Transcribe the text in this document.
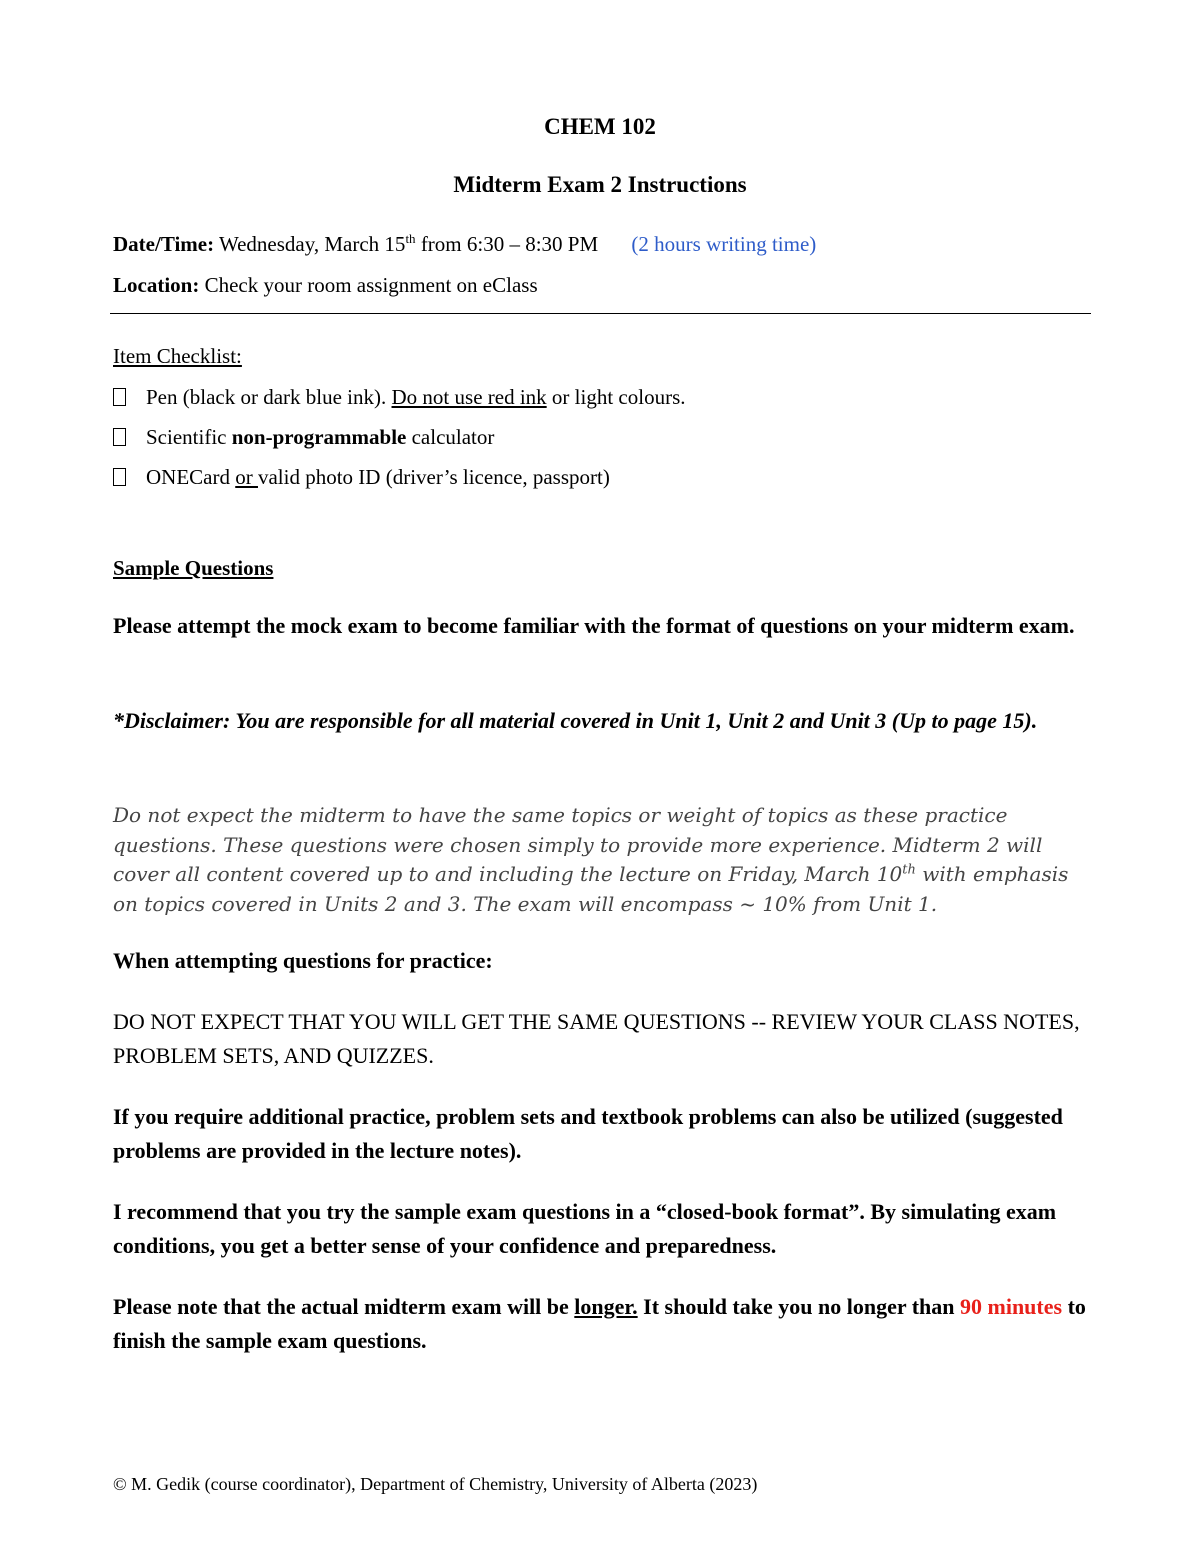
CHEM 102
Midterm Exam 2 Instructions
Date/Time: Wednesday, March 15th from 6:30 – 8:30 PM (2 hours writing time)
Location: Check your room assignment on eClass
Item Checklist:
Pen (black or dark blue ink). Do not use red ink or light colours.
Scientific non-programmable calculator
ONECard or valid photo ID (driver’s licence, passport)
Sample Questions
Please attempt the mock exam to become familiar with the format of questions on your midterm exam.
*Disclaimer: You are responsible for all material covered in Unit 1, Unit 2 and Unit 3 (Up to page 15).
Do not expect the midterm to have the same topics or weight of topics as these practice questions. These questions were chosen simply to provide more experience. Midterm 2 will cover all content covered up to and including the lecture on Friday, March 10th with emphasis on topics covered in Units 2 and 3. The exam will encompass ~ 10% from Unit 1.
When attempting questions for practice:
DO NOT EXPECT THAT YOU WILL GET THE SAME QUESTIONS -- REVIEW YOUR CLASS NOTES, PROBLEM SETS, AND QUIZZES.
If you require additional practice, problem sets and textbook problems can also be utilized (suggested problems are provided in the lecture notes).
I recommend that you try the sample exam questions in a “closed-book format”. By simulating exam conditions, you get a better sense of your confidence and preparedness.
Please note that the actual midterm exam will be longer. It should take you no longer than 90 minutes to finish the sample exam questions.
© M. Gedik (course coordinator), Department of Chemistry, University of Alberta (2023)
